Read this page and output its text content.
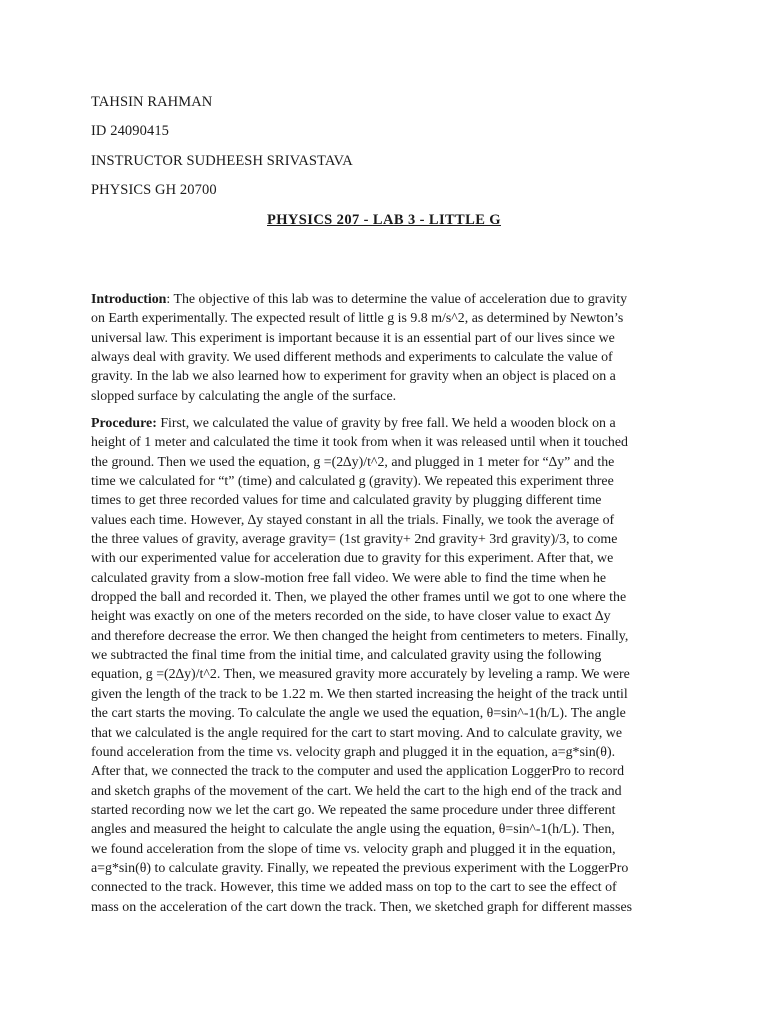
TAHSIN RAHMAN
ID 24090415
INSTRUCTOR SUDHEESH SRIVASTAVA
PHYSICS GH 20700
PHYSICS 207 - LAB 3 - LITTLE G

Introduction: The objective of this lab was to determine the value of acceleration due to gravity
on Earth experimentally. The expected result of little g is 9.8 m/s^2, as determined by Newton’s
universal law. This experiment is important because it is an essential part of our lives since we
always deal with gravity. We used different methods and experiments to calculate the value of
gravity. In the lab we also learned how to experiment for gravity when an object is placed on a
slopped surface by calculating the angle of the surface.

Procedure: First, we calculated the value of gravity by free fall. We held a wooden block on a
height of 1 meter and calculated the time it took from when it was released until when it touched
the ground. Then we used the equation, g =(2∆y)/t^2, and plugged in 1 meter for “∆y” and the
time we calculated for “t” (time) and calculated g (gravity). We repeated this experiment three
times to get three recorded values for time and calculated gravity by plugging different time
values each time. However, ∆y stayed constant in all the trials. Finally, we took the average of
the three values of gravity, average gravity= (1st gravity+ 2nd gravity+ 3rd gravity)/3, to come
with our experimented value for acceleration due to gravity for this experiment. After that, we
calculated gravity from a slow-motion free fall video. We were able to find the time when he
dropped the ball and recorded it. Then, we played the other frames until we got to one where the
height was exactly on one of the meters recorded on the side, to have closer value to exact ∆y
and therefore decrease the error. We then changed the height from centimeters to meters. Finally,
we subtracted the final time from the initial time, and calculated gravity using the following
equation, g =(2∆y)/t^2. Then, we measured gravity more accurately by leveling a ramp. We were
given the length of the track to be 1.22 m. We then started increasing the height of the track until
the cart starts the moving. To calculate the angle we used the equation, θ=sin^-1(h/L). The angle
that we calculated is the angle required for the cart to start moving. And to calculate gravity, we
found acceleration from the time vs. velocity graph and plugged it in the equation, a=g*sin(θ).
After that, we connected the track to the computer and used the application LoggerPro to record
and sketch graphs of the movement of the cart. We held the cart to the high end of the track and
started recording now we let the cart go. We repeated the same procedure under three different
angles and measured the height to calculate the angle using the equation, θ=sin^-1(h/L). Then,
we found acceleration from the slope of time vs. velocity graph and plugged it in the equation,
a=g*sin(θ) to calculate gravity. Finally, we repeated the previous experiment with the LoggerPro
connected to the track. However, this time we added mass on top to the cart to see the effect of
mass on the acceleration of the cart down the track. Then, we sketched graph for different masses
